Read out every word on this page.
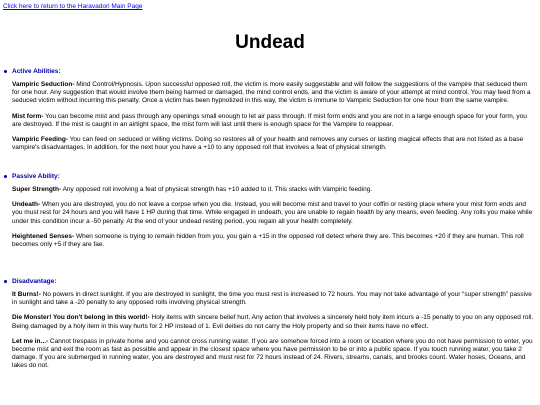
Click here to return to the Haravadori Main Page
Undead
Active Abilities:

Vampiric Seduction- Mind Control/Hypnosis. Upon successful opposed roll, the victim is more easily suggestable and will follow the suggestions of the vampire that seduced them for one hour. Any suggestion that would involve them being harmed or damaged, the mind control ends, and the victim is aware of your attempt at mind control. You may feed from a seduced victim without incurring this penalty. Once a victim has been hypnotized in this way, the victim is immune to Vampiric Seduction for one hour from the same vampire.

Mist form- You can become mist and pass through any openings small enough to let air pass through. If mist form ends and you are not in a large enough space for your form, you are destroyed. If the mist is caught in an airtight space, the mist form will last until there is enough space for the Vampire to reappear.

Vampiric Feeding- You can feed on seduced or willing victims. Doing so restores all of your health and removes any curses or lasting magical effects that are not listed as a base vampire's disadvantages. In addition, for the next hour you have a +10 to any opposed roll that involves a feat of physical strength.

Passive Ability:

Super Strength- Any opposed roll involving a feat of physical strength has +10 added to it. This stacks with Vampiric feeding.

Undeath- When you are destroyed, you do not leave a corpse when you die. Instead, you will become mist and travel to your coffin or resting place where your mist form ends and you must rest for 24 hours and you will have 1 HP during that time. While engaged in undeath, you are unable to regain health by any means, even feeding. Any rolls you make while under this condition incur a -50 penalty. At the end of your undead resting period, you regain all your health completely.

Heightened Senses- When someone is trying to remain hidden from you, you gain a +15 in the opposed roll detect where they are. This becomes +20 if they are human. This roll becomes only +5 if they are fae.

Disadvantage:

It Burns!- No powers in direct sunlight. If you are destroyed in sunlight, the time you must rest is increased to 72 hours. You may not take advantage of your “super strength” passive in sunlight and take a -20 penalty to any opposed rolls involving physical strength.

Die Monster! You don't belong in this world!- Holy items with sincere belief hurt. Any action that involves a sincerely held holy item incurs a -15 penalty to you on any opposed roll. Being damaged by a holy item in this way hurts for 2 HP instead of 1. Evil deities do not carry the Holy property and so their items have no effect.

Let me in...- Cannot trespass in private home and you cannot cross running water. If you are somehow forced into a room or location where you do not have permission to enter, you become mist and exit the room as fast as possible and appear in the closest space where you have permission to be or into a public space. If you touch running water, you take 2 damage. If you are submerged in running water, you are destroyed and must rest for 72 hours instead of 24. Rivers, streams, canals, and brooks count. Water hoses, Oceans, and lakes do not.
